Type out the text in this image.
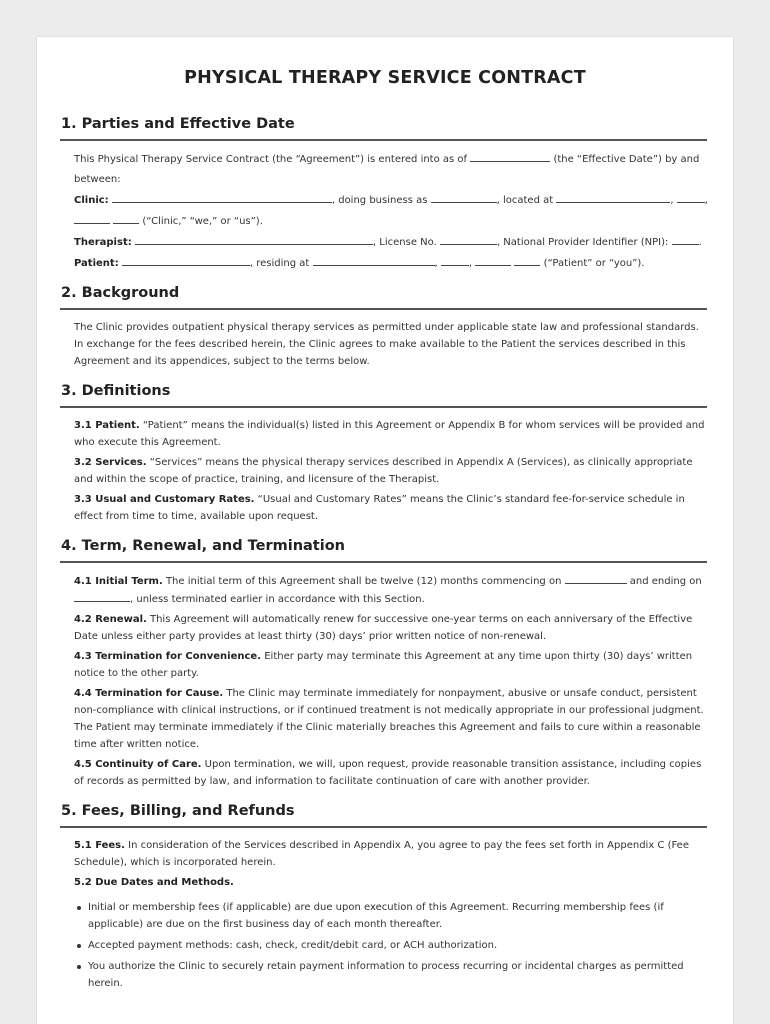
PHYSICAL THERAPY SERVICE CONTRACT
1. Parties and Effective Date
This Physical Therapy Service Contract (the “Agreement”) is entered into as of	(the “Effective Date”) by and
between:
Clinic:	, doing business as	, located at	,	,
(“Clinic,” “we,” or “us”).
Therapist:	, License No.	, National Provider Identifier (NPI):	.
Patient:	, residing at	,	,	(“Patient” or “you”).
2. Background

The Clinic provides outpatient physical therapy services as permitted under applicable state law and professional standards. In exchange for the fees described herein, the Clinic agrees to make available to the Patient the services described in this Agreement and its appendices, subject to the terms below.

3. Definitions

3.1 Patient. “Patient” means the individual(s) listed in this Agreement or Appendix B for whom services will be provided and who execute this Agreement.

3.2 Services. “Services” means the physical therapy services described in Appendix A (Services), as clinically appropriate and within the scope of practice, training, and licensure of the Therapist.

3.3 Usual and Customary Rates. “Usual and Customary Rates” means the Clinic’s standard fee-for-service schedule in effect from time to time, available upon request.

4. Term, Renewal, and Termination

4.1 Initial Term. The initial term of this Agreement shall be twelve (12) months commencing on	and ending on
, unless terminated earlier in accordance with this Section.

4.2 Renewal. This Agreement will automatically renew for successive one-year terms on each anniversary of the Effective Date unless either party provides at least thirty (30) days’ prior written notice of non-renewal.

4.3 Termination for Convenience. Either party may terminate this Agreement at any time upon thirty (30) days’ written notice to the other party.

4.4 Termination for Cause. The Clinic may terminate immediately for nonpayment, abusive or unsafe conduct, persistent non-compliance with clinical instructions, or if continued treatment is not medically appropriate in our professional judgment. The Patient may terminate immediately if the Clinic materially breaches this Agreement and fails to cure within a reasonable time after written notice.

4.5 Continuity of Care. Upon termination, we will, upon request, provide reasonable transition assistance, including copies of records as permitted by law, and information to facilitate continuation of care with another provider.

5. Fees, Billing, and Refunds

5.1 Fees. In consideration of the Services described in Appendix A, you agree to pay the fees set forth in Appendix C (Fee Schedule), which is incorporated herein.

5.2 Due Dates and Methods.

Initial or membership fees (if applicable) are due upon execution of this Agreement. Recurring membership fees (if applicable) are due on the first business day of each month thereafter.
Accepted payment methods: cash, check, credit/debit card, or ACH authorization.
You authorize the Clinic to securely retain payment information to process recurring or incidental charges as permitted herein.
